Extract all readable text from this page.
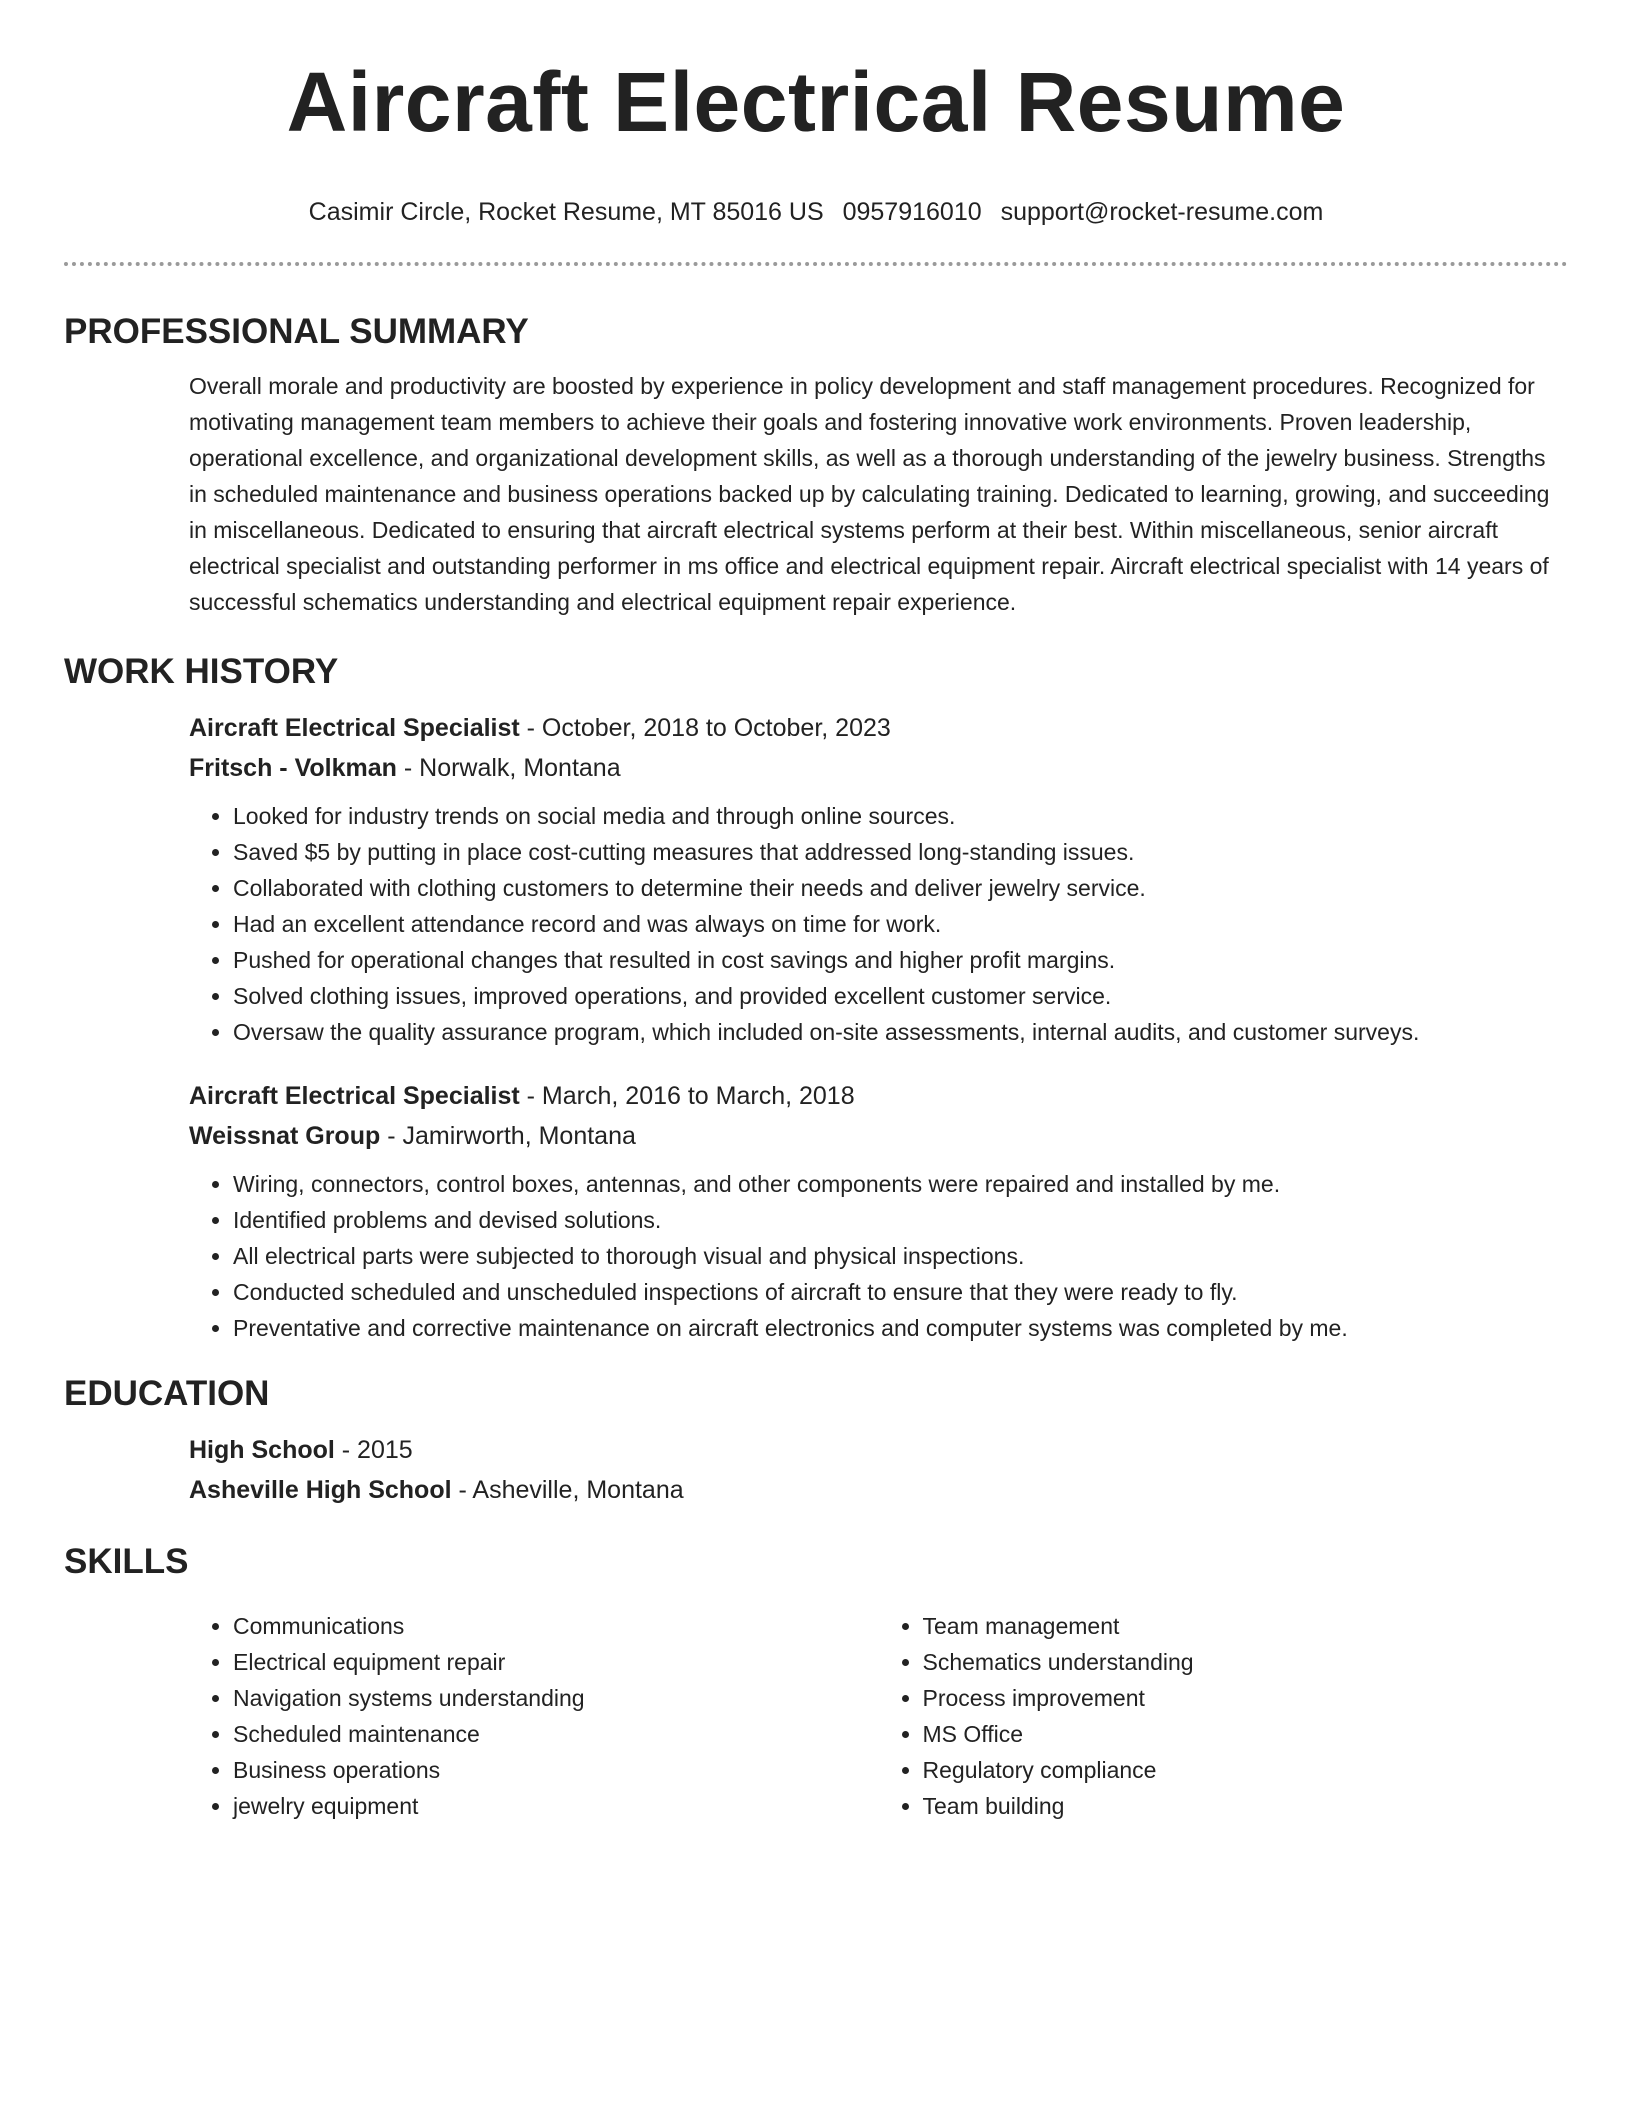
Aircraft Electrical Resume
Casimir Circle, Rocket Resume, MT 85016 US 0957916010 support@rocket-resume.com
PROFESSIONAL SUMMARY

Overall morale and productivity are boosted by experience in policy development and staff management procedures. Recognized for motivating management team members to achieve their goals and fostering innovative work environments. Proven leadership, operational excellence, and organizational development skills, as well as a thorough understanding of the jewelry business. Strengths in scheduled maintenance and business operations backed up by calculating training. Dedicated to learning, growing, and succeeding in miscellaneous. Dedicated to ensuring that aircraft electrical systems perform at their best. Within miscellaneous, senior aircraft electrical specialist and outstanding performer in ms office and electrical equipment repair. Aircraft electrical specialist with 14 years of successful schematics understanding and electrical equipment repair experience.

WORK HISTORY
Aircraft Electrical Specialist - October, 2018 to October, 2023
Fritsch - Volkman - Norwalk, Montana
• Looked for industry trends on social media and through online sources.
• Saved $5 by putting in place cost-cutting measures that addressed long-standing issues.
• Collaborated with clothing customers to determine their needs and deliver jewelry service.
• Had an excellent attendance record and was always on time for work.
• Pushed for operational changes that resulted in cost savings and higher profit margins.
• Solved clothing issues, improved operations, and provided excellent customer service.
• Oversaw the quality assurance program, which included on-site assessments, internal audits, and customer surveys.
Aircraft Electrical Specialist - March, 2016 to March, 2018
Weissnat Group - Jamirworth, Montana
• Wiring, connectors, control boxes, antennas, and other components were repaired and installed by me.
• Identified problems and devised solutions.
• All electrical parts were subjected to thorough visual and physical inspections.
• Conducted scheduled and unscheduled inspections of aircraft to ensure that they were ready to fly.
• Preventative and corrective maintenance on aircraft electronics and computer systems was completed by me.
EDUCATION
High School - 2015
Asheville High School - Asheville, Montana
SKILLS
• Communications
• Electrical equipment repair
• Navigation systems understanding
• Scheduled maintenance
• Business operations
• jewelry equipment
• Team management
• Schematics understanding
• Process improvement
• MS Office
• Regulatory compliance
• Team building
